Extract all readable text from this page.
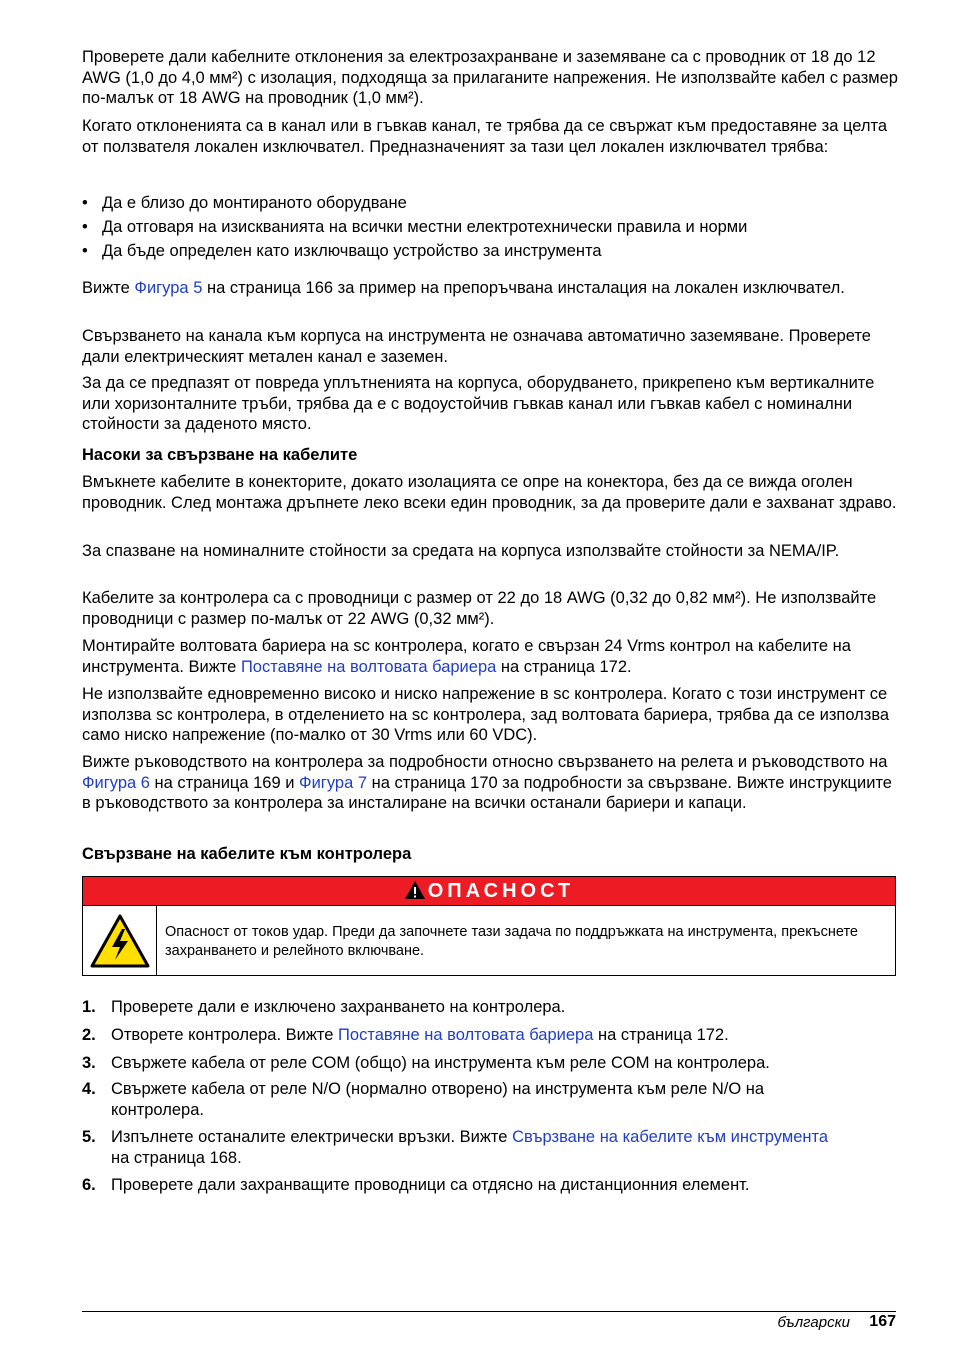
Проверете дали кабелните отклонения за електрозахранване и заземяване са с проводник от 18 до 12 AWG (1,0 до 4,0 мм²) с изолация, подходяща за прилаганите напрежения. Не използвайте кабел с размер по-малък от 18 AWG на проводник (1,0 мм²).

Когато отклоненията са в канал или в гъвкав канал, те трябва да се свържат към предоставяне за целта от ползвателя локален изключвател. Предназначеният за тази цел локален изключвател трябва:

• Да е близо до монтираното оборудване
• Да отговаря на изискванията на всички местни електротехнически правила и норми
• Да бъде определен като изключващо устройство за инструмента

Вижте Фигура 5 на страница 166 за пример на препоръчвана инсталация на локален изключвател.

Свързването на канала към корпуса на инструмента не означава автоматично заземяване. Проверете дали електрическият метален канал е заземен.

За да се предпазят от повреда уплътненията на корпуса, оборудването, прикрепено към вертикалните или хоризонталните тръби, трябва да е с водоустойчив гъвкав канал или гъвкав кабел с номинални стойности за даденото място.

Насоки за свързване на кабелите

Вмъкнете кабелите в конекторите, докато изолацията се опре на конектора, без да се вижда оголен проводник. След монтажа дръпнете леко всеки един проводник, за да проверите дали е захванат здраво.

За спазване на номиналните стойности за средата на корпуса използвайте стойности за NEMA/IP.

Кабелите за контролера са с проводници с размер от 22 до 18 AWG (0,32 до 0,82 мм²). Не използвайте проводници с размер по-малък от 22 AWG (0,32 мм²).

Монтирайте волтовата бариера на sc контролера, когато е свързан 24 Vrms контрол на кабелите на инструмента. Вижте Поставяне на волтовата бариера на страница 172.

Не използвайте едновременно високо и ниско напрежение в sc контролера. Когато с този инструмент се използва sc контролера, в отделението на sc контролера, зад волтовата бариера, трябва да се използва само ниско напрежение (по-малко от 30 Vrms или 60 VDC).

Вижте ръководството на контролера за подробности относно свързването на релета и ръководството на Фигура 6 на страница 169 и Фигура 7 на страница 170 за подробности за свързване. Вижте инструкциите в ръководството за контролера за инсталиране на всички останали бариери и капаци.

Свързване на кабелите към контролера

ОПАСНОСТ

Опасност от токов удар. Преди да започнете тази задача по поддръжката на инструмента, прекъснете захранването и релейното включване.

1. Проверете дали е изключено захранването на контролера.
2. Отворете контролера. Вижте Поставяне на волтовата бариера на страница 172.
3. Свържете кабела от реле COM (общо) на инструмента към реле COM на контролера.
4. Свържете кабела от реле N/O (нормално отворено) на инструмента към реле N/O на контролера.
5. Изпълнете останалите електрически връзки. Вижте Свързване на кабелите към инструмента на страница 168.
6. Проверете дали захранващите проводници са отдясно на дистанционния елемент.
български 167
